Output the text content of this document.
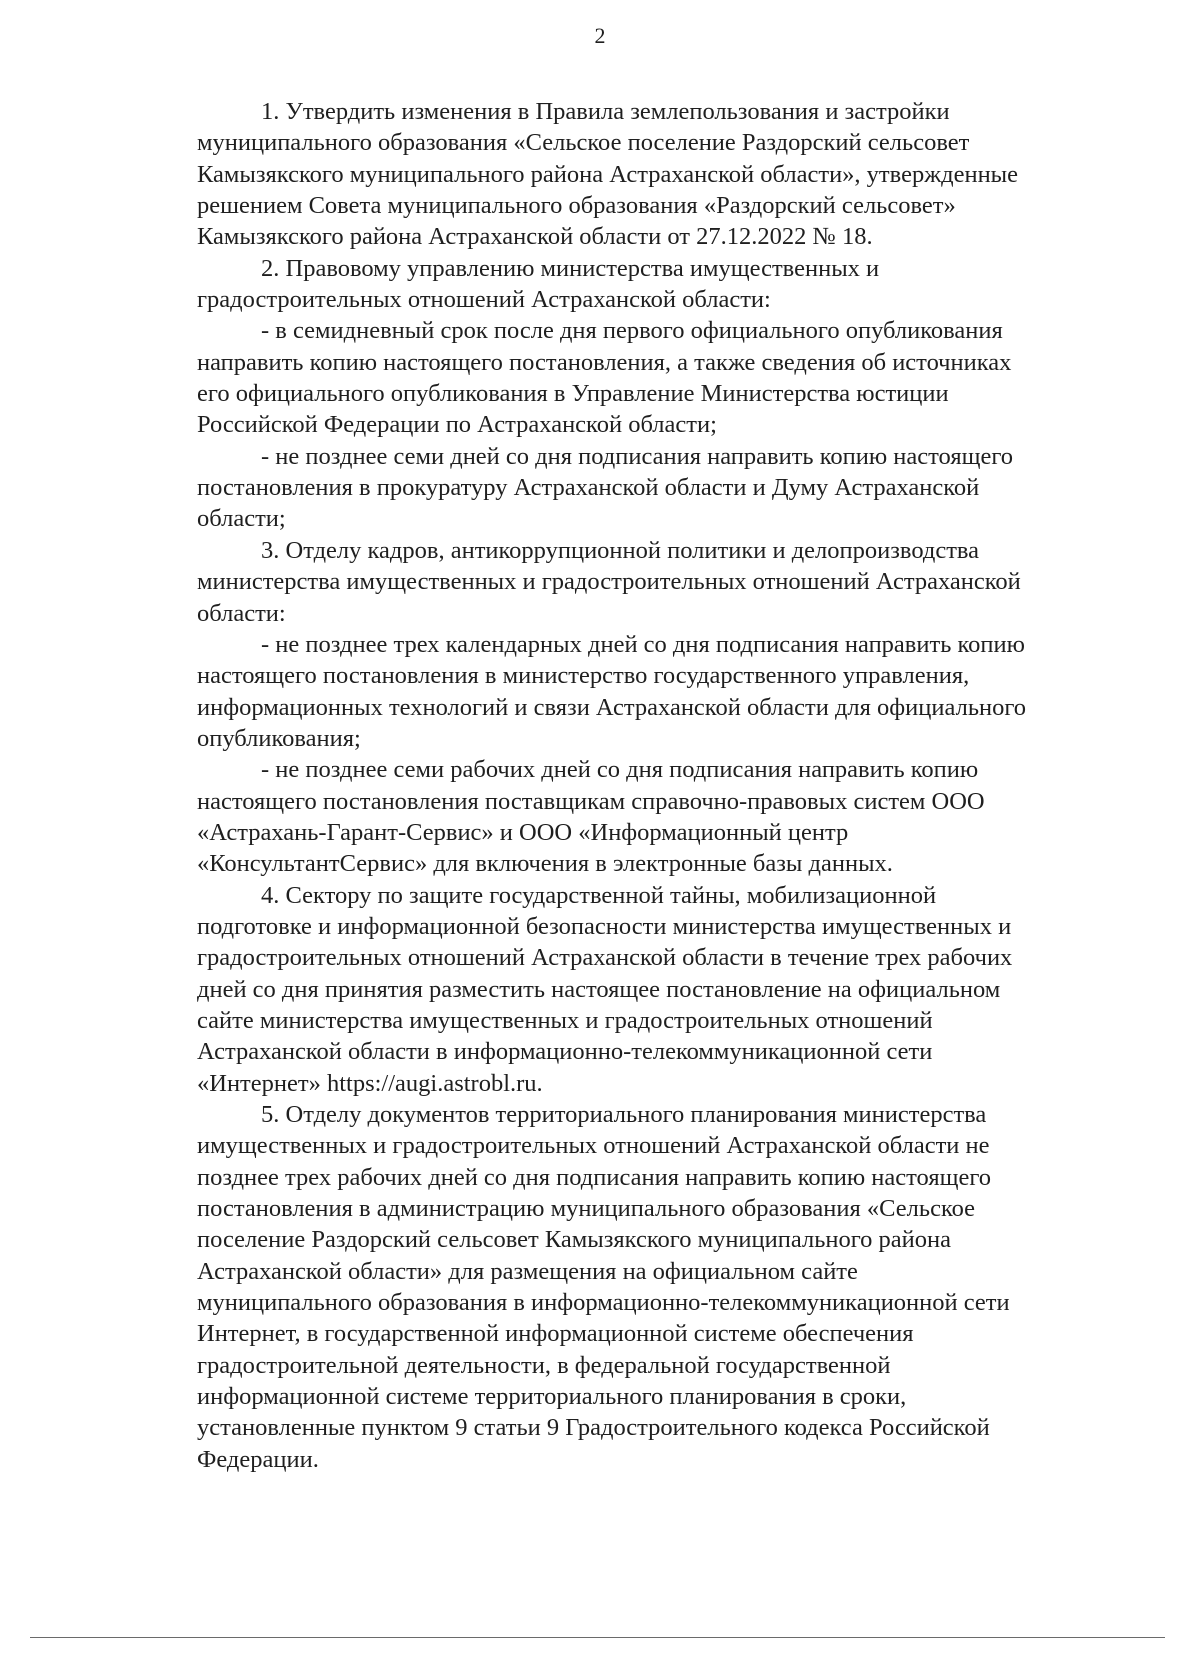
2

1. Утвердить изменения в Правила землепользования и застройки
муниципального образования «Сельское поселение Раздорский сельсовет
Камызякского муниципального района Астраханской области», утвержденные
решением Совета муниципального образования «Раздорский сельсовет»
Камызякского района Астраханской области от 27.12.2022 № 18.

2. Правовому управлению министерства имущественных и
градостроительных отношений Астраханской области:

- в семидневный срок после дня первого официального опубликования
направить копию настоящего постановления, а также сведения об источниках
его официального опубликования в Управление Министерства юстиции
Российской Федерации по Астраханской области;

- не позднее семи дней со дня подписания направить копию настоящего
постановления в прокуратуру Астраханской области и Думу Астраханской
области;

3. Отделу кадров, антикоррупционной политики и делопроизводства
министерства имущественных и градостроительных отношений Астраханской
области:

- не позднее трех календарных дней со дня подписания направить копию
настоящего постановления в министерство государственного управления,
информационных технологий и связи Астраханской области для официального
опубликования;

- не позднее семи рабочих дней со дня подписания направить копию
настоящего постановления поставщикам справочно-правовых систем ООО
«Астрахань-Гарант-Сервис» и ООО «Информационный центр
«КонсультантСервис» для включения в электронные базы данных.

4. Сектору по защите государственной тайны, мобилизационной
подготовке и информационной безопасности министерства имущественных и
градостроительных отношений Астраханской области в течение трех рабочих
дней со дня принятия разместить настоящее постановление на официальном
сайте министерства имущественных и градостроительных отношений
Астраханской области в информационно-телекоммуникационной сети
«Интернет» https://augi.astrobl.ru.

5. Отделу документов территориального планирования министерства
имущественных и градостроительных отношений Астраханской области не
позднее трех рабочих дней со дня подписания направить копию настоящего
постановления в администрацию муниципального образования «Сельское
поселение Раздорский сельсовет Камызякского муниципального района
Астраханской области» для размещения на официальном сайте
муниципального образования в информационно-телекоммуникационной сети
Интернет, в государственной информационной системе обеспечения
градостроительной деятельности, в федеральной государственной
информационной системе территориального планирования в сроки,
установленные пунктом 9 статьи 9 Градостроительного кодекса Российской
Федерации.
